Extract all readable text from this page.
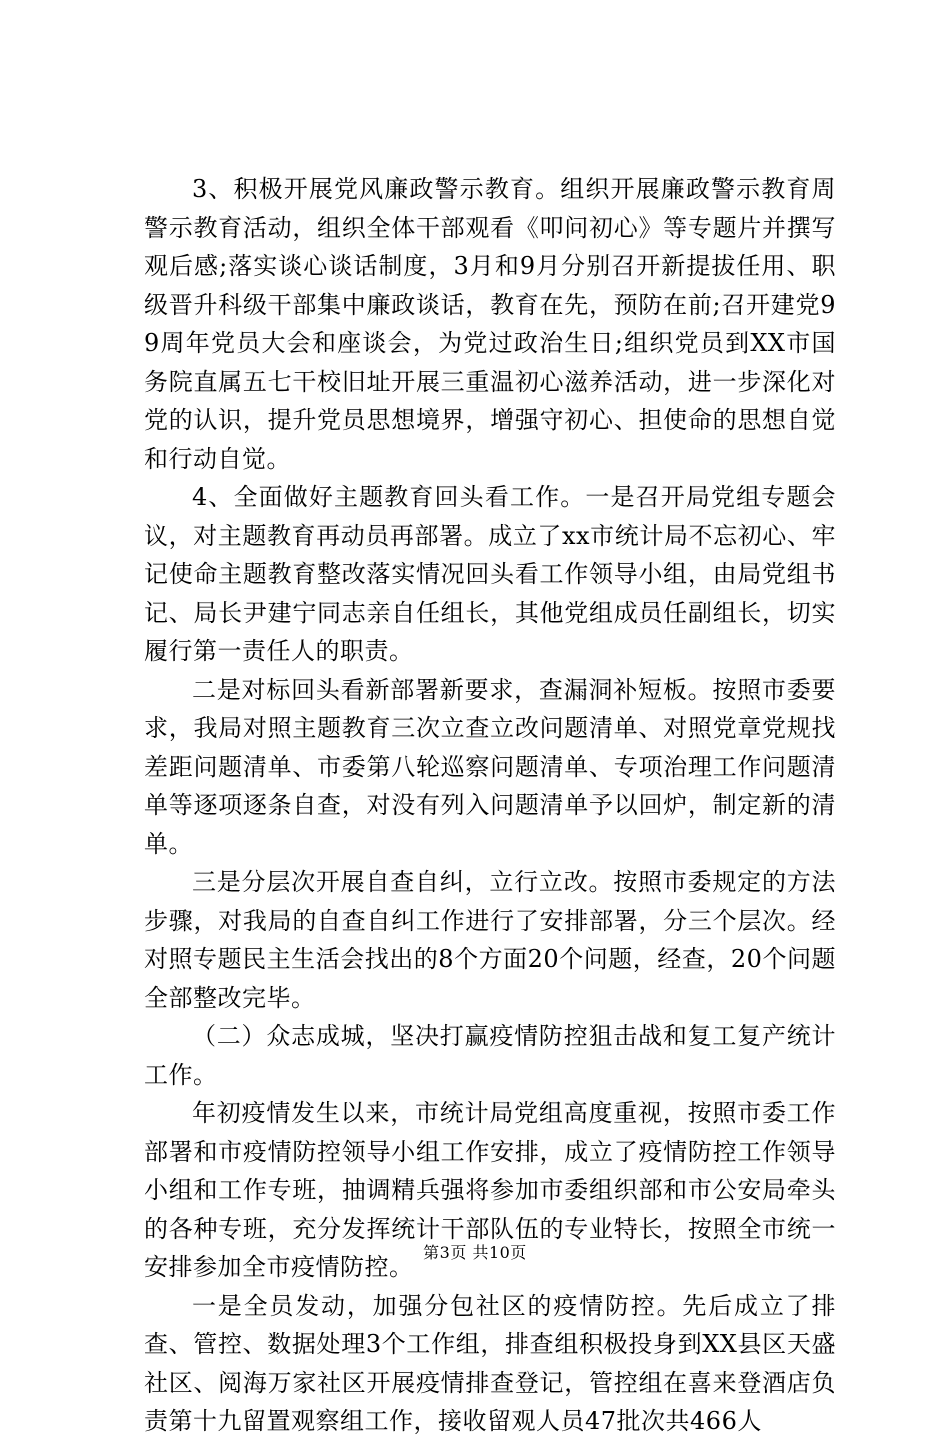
3、积极开展党风廉政警示教育。组织开展廉政警示教育周警示教育活动，组织全体干部观看《叩问初心》等专题片并撰写观后感;落实谈心谈话制度，3月和9月分别召开新提拔任用、职级晋升科级干部集中廉政谈话，教育在先，预防在前;召开建党99周年党员大会和座谈会，为党过政治生日;组织党员到XX市国务院直属五七干校旧址开展三重温初心滋养活动，进一步深化对党的认识，提升党员思想境界，增强守初心、担使命的思想自觉和行动自觉。

4、全面做好主题教育回头看工作。一是召开局党组专题会议，对主题教育再动员再部署。成立了xx市统计局不忘初心、牢记使命主题教育整改落实情况回头看工作领导小组，由局党组书记、局长尹建宁同志亲自任组长，其他党组成员任副组长，切实履行第一责任人的职责。

二是对标回头看新部署新要求，查漏洞补短板。按照市委要求，我局对照主题教育三次立查立改问题清单、对照党章党规找差距问题清单、市委第八轮巡察问题清单、专项治理工作问题清单等逐项逐条自查，对没有列入问题清单予以回炉，制定新的清单。

三是分层次开展自查自纠，立行立改。按照市委规定的方法步骤，对我局的自查自纠工作进行了安排部署，分三个层次。经对照专题民主生活会找出的8个方面20个问题，经查，20个问题全部整改完毕。

（二）众志成城，坚决打赢疫情防控狙击战和复工复产统计工作。

年初疫情发生以来，市统计局党组高度重视，按照市委工作部署和市疫情防控领导小组工作安排，成立了疫情防控工作领导小组和工作专班，抽调精兵强将参加市委组织部和市公安局牵头的各种专班，充分发挥统计干部队伍的专业特长，按照全市统一安排参加全市疫情防控。

一是全员发动，加强分包社区的疫情防控。先后成立了排查、管控、数据处理3个工作组，排查组积极投身到XX县区天盛社区、阅海万家社区开展疫情排查登记，管控组在喜来登酒店负责第十九留置观察组工作，接收留观人员47批次共466人

第3页 共10页
